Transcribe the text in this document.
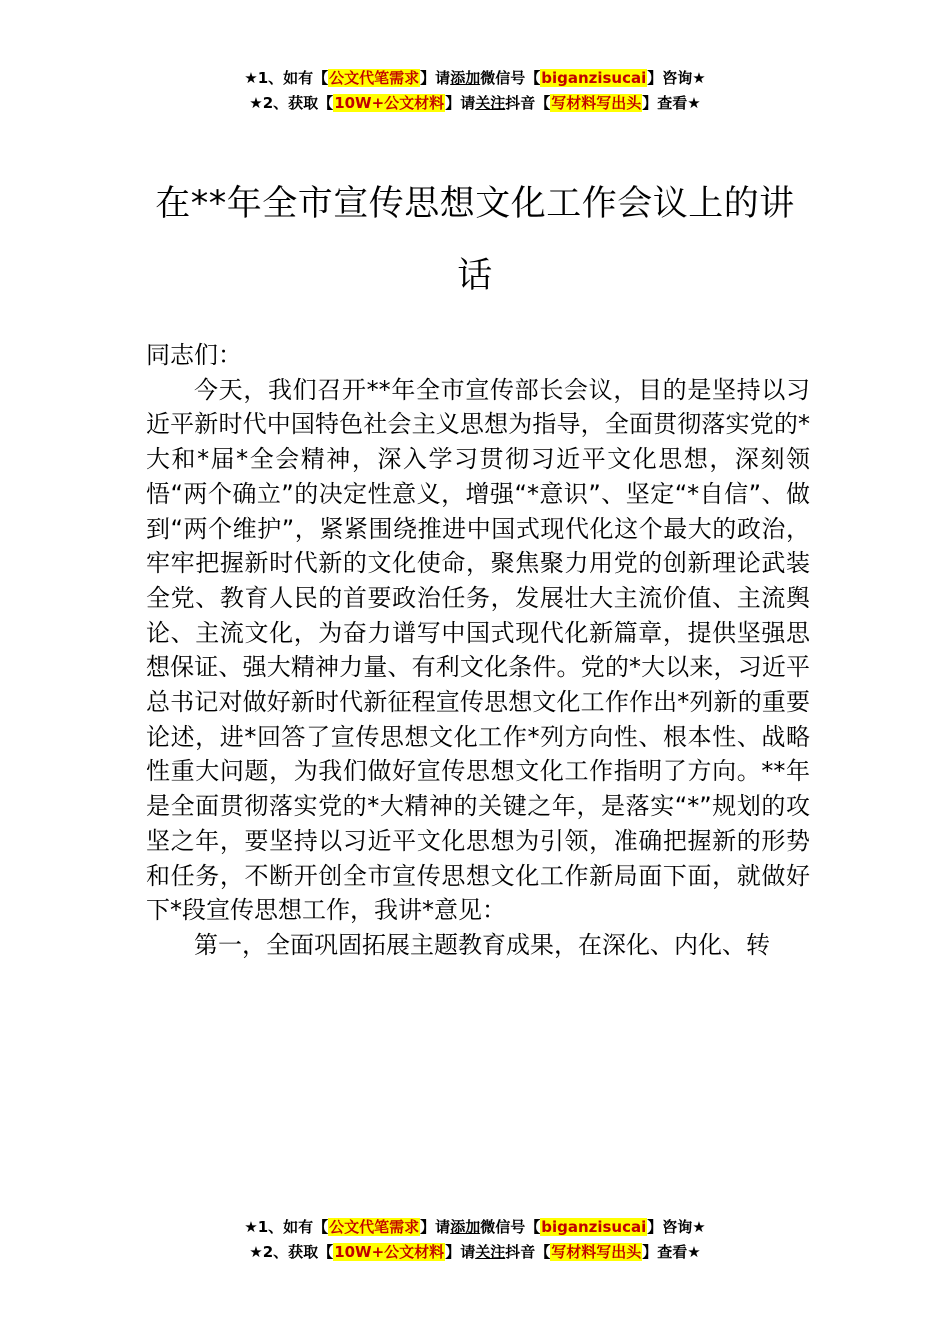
★1、如有【公文代笔需求】请添加微信号【biganzisucai】咨询★
★2、获取【10W+公文材料】请关注抖音【写材料写出头】查看★
在**年全市宣传思想文化工作会议上的讲话

同志们：

今天，我们召开**年全市宣传部长会议，目的是坚持以习近平新时代中国特色社会主义思想为指导，全面贯彻落实党的*大和*届*全会精神，深入学习贯彻习近平文化思想，深刻领悟“两个确立”的决定性意义，增强“*意识”、坚定“*自信”、做到“两个维护”，紧紧围绕推进中国式现代化这个最大的政治，牢牢把握新时代新的文化使命，聚焦聚力用党的创新理论武装全党、教育人民的首要政治任务，发展壮大主流价值、主流舆论、主流文化，为奋力谱写中国式现代化新篇章，提供坚强思想保证、强大精神力量、有利文化条件。党的*大以来，习近平总书记对做好新时代新征程宣传思想文化工作作出*列新的重要论述，进*回答了宣传思想文化工作*列方向性、根本性、战略性重大问题，为我们做好宣传思想文化工作指明了方向。**年是全面贯彻落实党的*大精神的关键之年，是落实“*”规划的攻坚之年，要坚持以习近平文化思想为引领，准确把握新的形势和任务，不断开创全市宣传思想文化工作新局面下面，就做好下*段宣传思想工作，我讲*意见：

第一，全面巩固拓展主题教育成果，在深化、内化、转

★1、如有【公文代笔需求】请添加微信号【biganzisucai】咨询★
★2、获取【10W+公文材料】请关注抖音【写材料写出头】查看★
